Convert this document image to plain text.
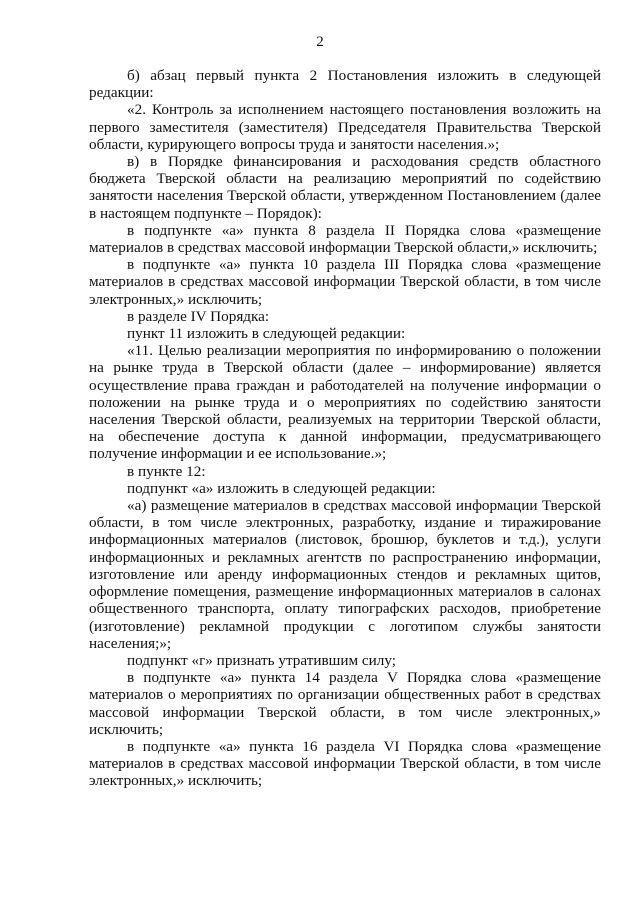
2

б) абзац первый пункта 2 Постановления изложить в следующей редакции:

«2. Контроль за исполнением настоящего постановления возложить на первого заместителя (заместителя) Председателя Правительства Тверской области, курирующего вопросы труда и занятости населения.»;

в) в Порядке финансирования и расходования средств областного бюджета Тверской области на реализацию мероприятий по содействию занятости населения Тверской области, утвержденном Постановлением (далее в настоящем подпункте – Порядок):

в подпункте «а» пункта 8 раздела II Порядка слова «размещение материалов в средствах массовой информации Тверской области,» исключить;

в подпункте «а» пункта 10 раздела III Порядка слова «размещение материалов в средствах массовой информации Тверской области, в том числе электронных,» исключить;

в разделе IV Порядка:

пункт 11 изложить в следующей редакции:

«11. Целью реализации мероприятия по информированию о положении на рынке труда в Тверской области (далее – информирование) является осуществление права граждан и работодателей на получение информации о положении на рынке труда и о мероприятиях по содействию занятости населения Тверской области, реализуемых на территории Тверской области, на обеспечение доступа к данной информации, предусматривающего получение информации и ее использование.»;

в пункте 12:

подпункт «а» изложить в следующей редакции:

«а) размещение материалов в средствах массовой информации Тверской области, в том числе электронных, разработку, издание и тиражирование информационных материалов (листовок, брошюр, буклетов и т.д.), услуги информационных и рекламных агентств по распространению информации, изготовление или аренду информационных стендов и рекламных щитов, оформление помещения, размещение информационных материалов в салонах общественного транспорта, оплату типографских расходов, приобретение (изготовление) рекламной продукции с логотипом службы занятости населения;»;

подпункт «г» признать утратившим силу;

в подпункте «а» пункта 14 раздела V Порядка слова «размещение материалов о мероприятиях по организации общественных работ в средствах массовой информации Тверской области, в том числе электронных,» исключить;

в подпункте «а» пункта 16 раздела VI Порядка слова «размещение материалов в средствах массовой информации Тверской области, в том числе электронных,» исключить;
